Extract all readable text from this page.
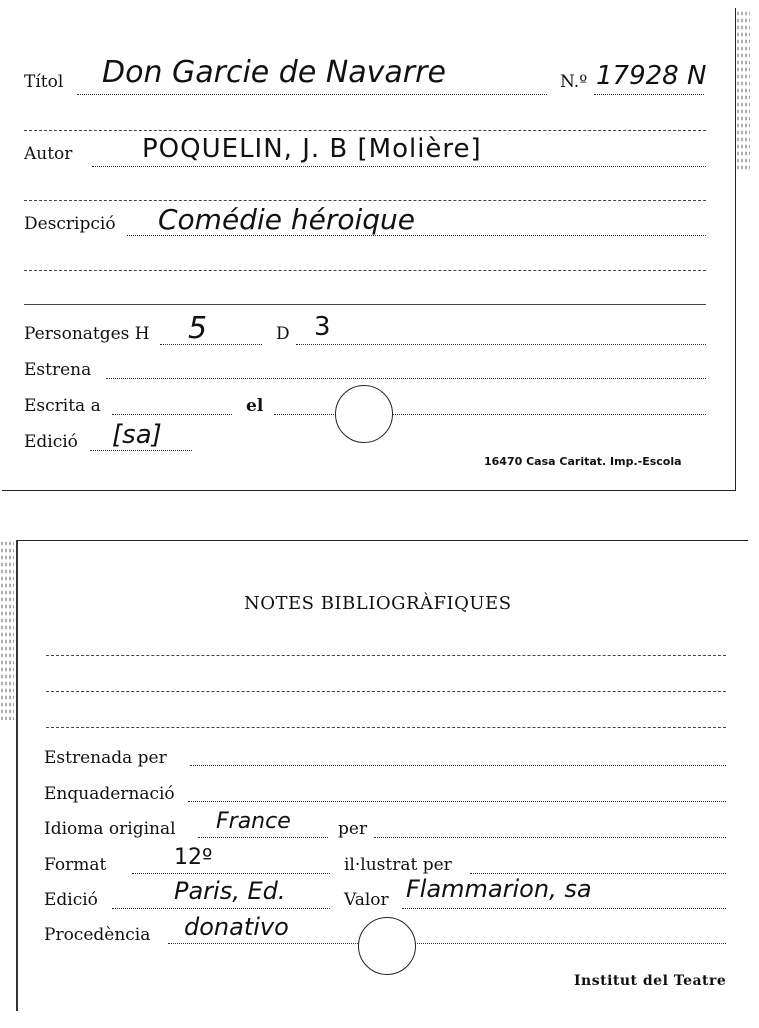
Títol Don Garcie de Navarre	N.º 17928 N
Autor	POQUELIN, J. B [Molière]
Descripció Comédie héroique
Personatges H 5	D 3
Estrena
Escrita a	el
Edició [sa]
16470 Casa Caritat. Imp.-Escola
NOTES BIBLIOGRÀFIQUES
Estrenada per
Enquadernació
Idioma original France	per
Format	12º	il·lustrat per
Edició	Paris, Ed.	Valor Flammarion, sa
Procedència donativo
Institut del Teatre
